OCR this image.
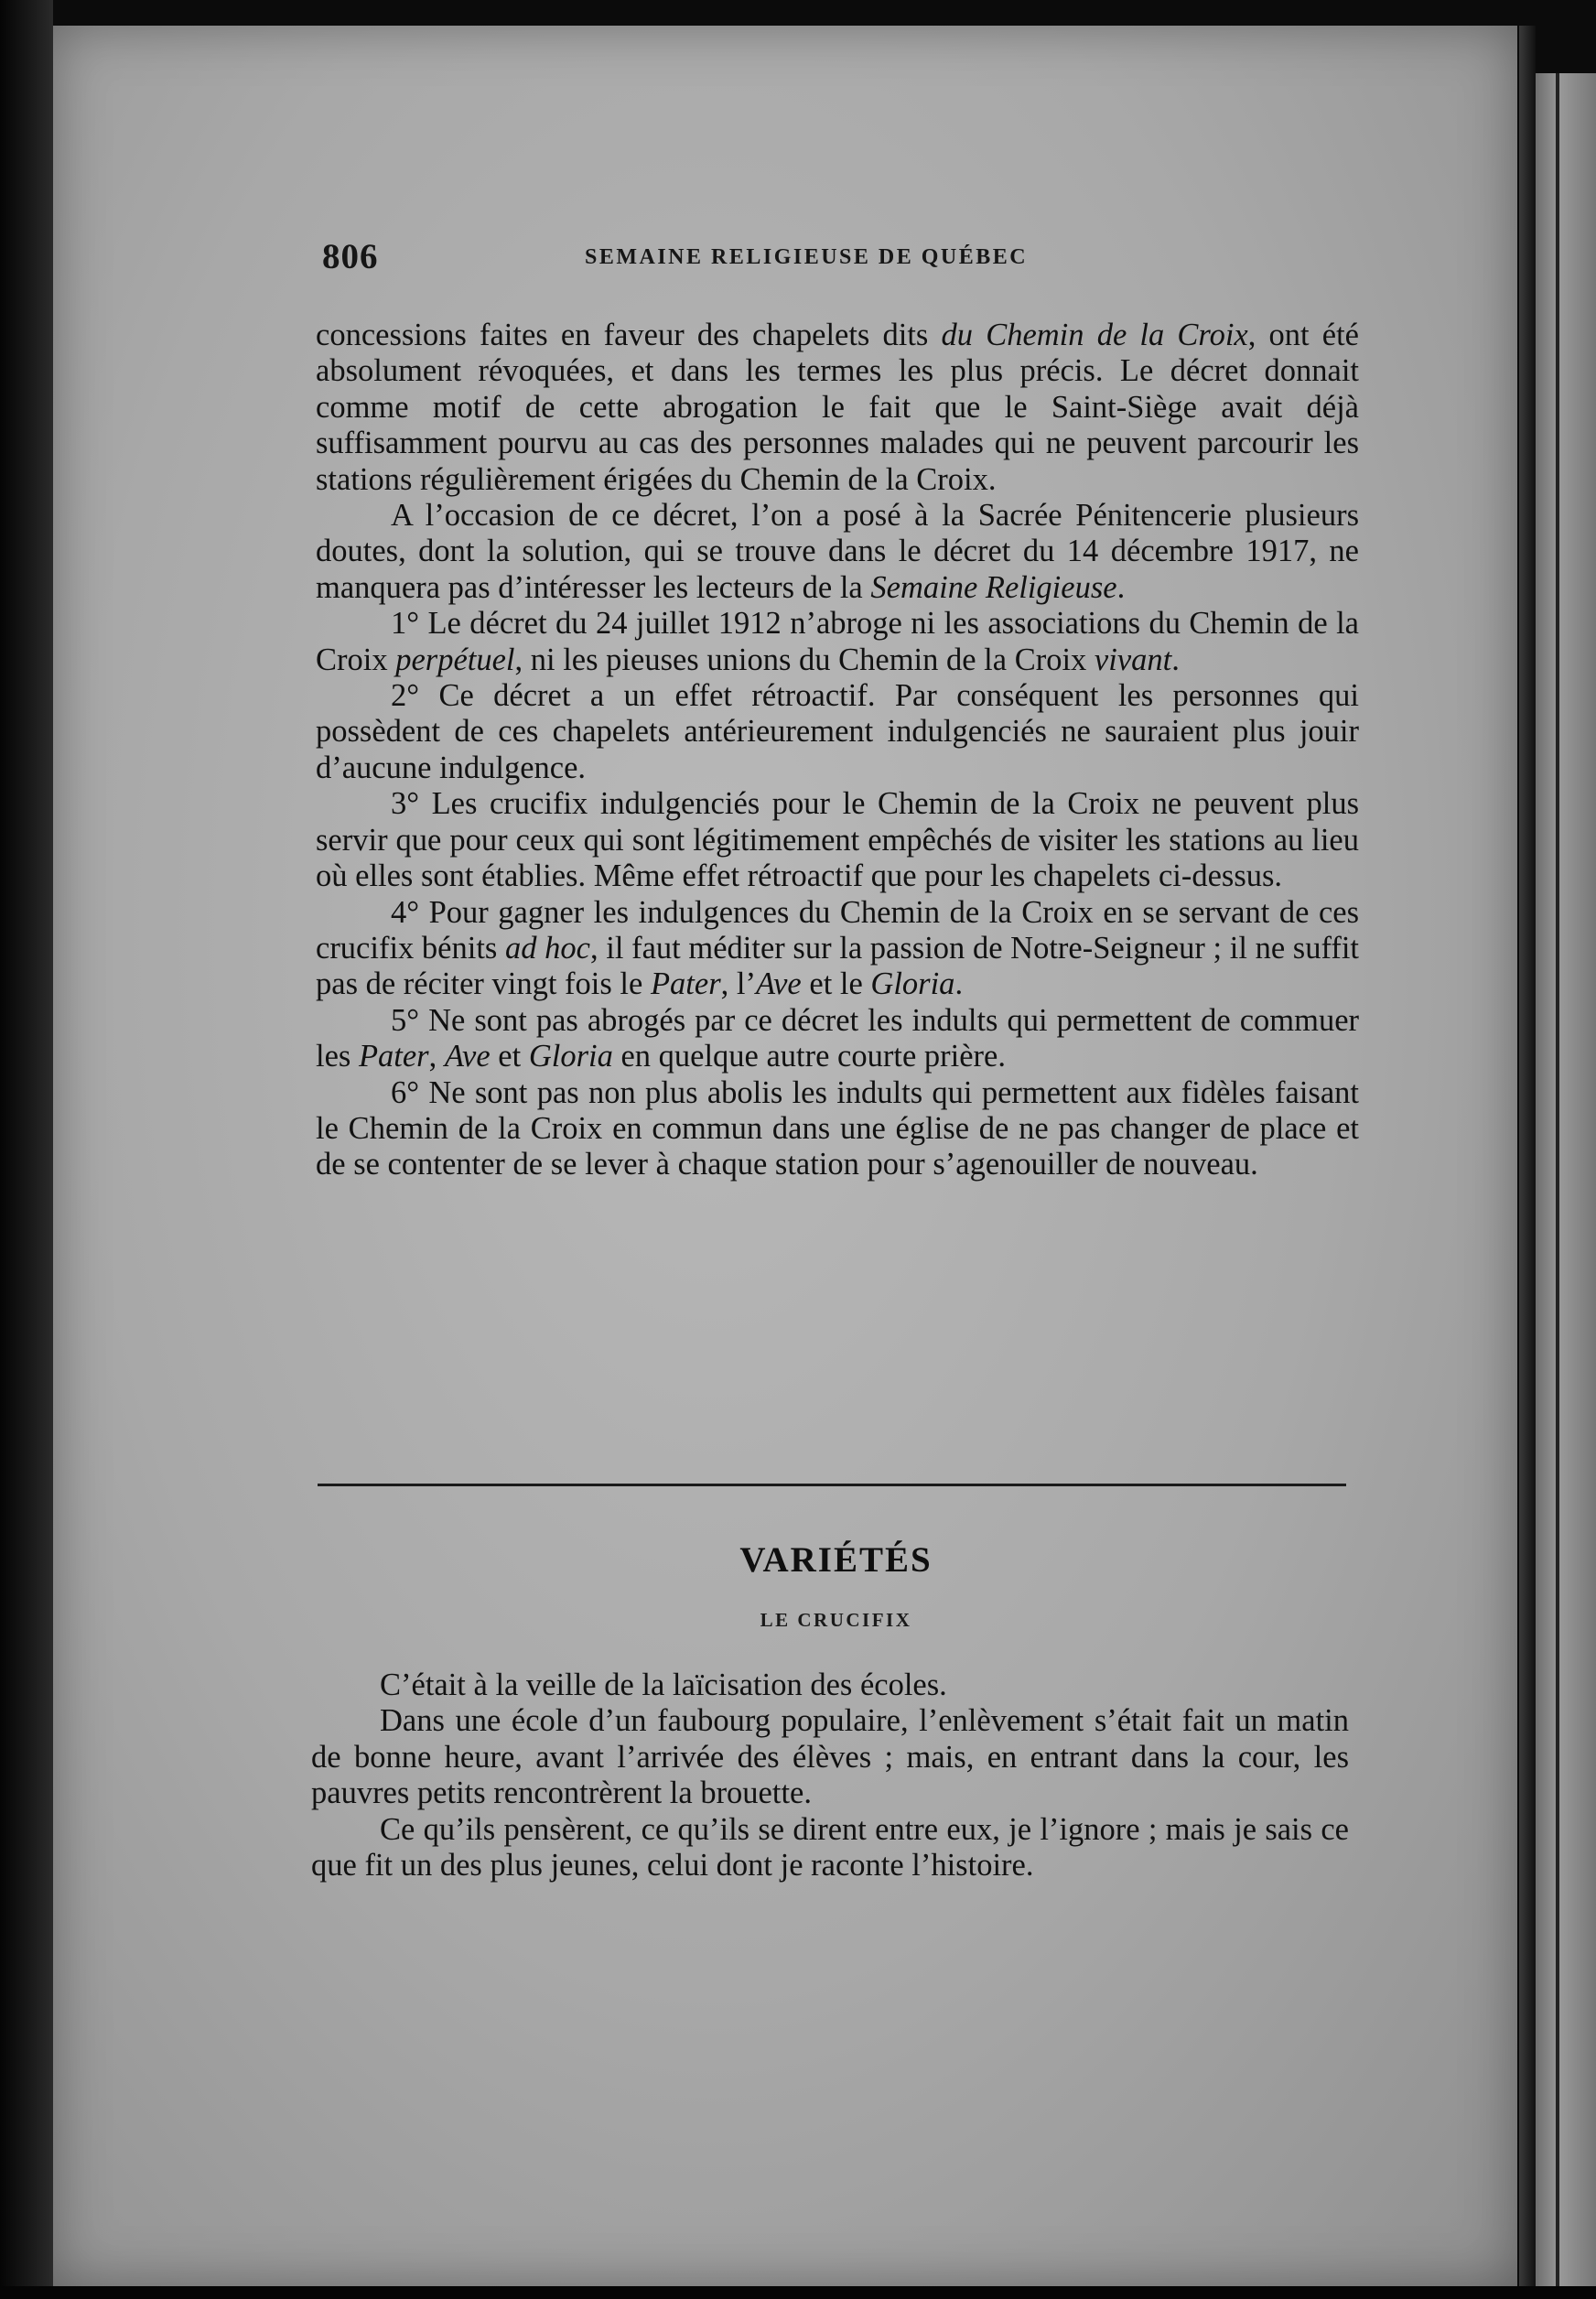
806	SEMAINE RELIGIEUSE DE QUÉBEC

concessions faites en faveur des chapelets dits du Chemin de la Croix, ont été absolument révoquées, et dans les termes les plus précis. Le décret donnait comme motif de cette abrogation le fait que le Saint-Siège avait déjà suffisamment pourvu au cas des personnes malades qui ne peuvent parcourir les stations régulièrement érigées du Chemin de la Croix.

A l’occasion de ce décret, l’on a posé à la Sacrée Pénitencerie plusieurs doutes, dont la solution, qui se trouve dans le décret du 14 décembre 1917, ne manquera pas d’intéresser les lecteurs de la Semaine Religieuse.

1° Le décret du 24 juillet 1912 n’abroge ni les associations du Chemin de la Croix perpétuel, ni les pieuses unions du Chemin de la Croix vivant.

2° Ce décret a un effet rétroactif. Par conséquent les personnes qui possèdent de ces chapelets antérieurement indulgenciés ne sauraient plus jouir d’aucune indulgence.

3° Les crucifix indulgenciés pour le Chemin de la Croix ne peuvent plus servir que pour ceux qui sont légitimement empêchés de visiter les stations au lieu où elles sont établies. Même effet rétroactif que pour les chapelets ci-dessus.

4° Pour gagner les indulgences du Chemin de la Croix en se servant de ces crucifix bénits ad hoc, il faut méditer sur la passion de Notre-Seigneur ; il ne suffit pas de réciter vingt fois le Pater, l’Ave et le Gloria.

5° Ne sont pas abrogés par ce décret les indults qui permettent de commuer les Pater, Ave et Gloria en quelque autre courte prière.

6° Ne sont pas non plus abolis les indults qui permettent aux fidèles faisant le Chemin de la Croix en commun dans une église de ne pas changer de place et de se contenter de se lever à chaque station pour s’agenouiller de nouveau.

VARIÉTÉS
LE CRUCIFIX

C’était à la veille de la laïcisation des écoles.

Dans une école d’un faubourg populaire, l’enlèvement s’était fait un matin de bonne heure, avant l’arrivée des élèves ; mais, en entrant dans la cour, les pauvres petits rencontrèrent la brouette.

Ce qu’ils pensèrent, ce qu’ils se dirent entre eux, je l’ignore ; mais je sais ce que fit un des plus jeunes, celui dont je raconte l’histoire.
